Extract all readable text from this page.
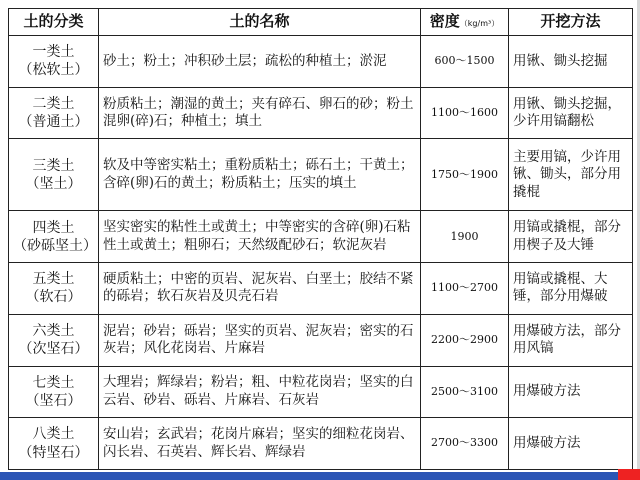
土的分类	土的名称	密度（kg/m³）	开挖方法

一类土
（松软土）	砂土；粉土；冲积砂土层；疏松的种植土；淤泥	600～1500	用锹、锄头挖掘

二类土
（普通土）	粉质粘土；潮湿的黄土；夹有碎石、卵石的砂；粉土混卵(碎)石；种植土；填土	1100～1600	用锹、锄头挖掘，少许用镐翻松

三类土
（坚土）	软及中等密实粘土；重粉质粘土；砾石土；干黄土；含碎(卵)石的黄土；粉质粘土；压实的填土	1750～1900	主要用镐，少许用锹、锄头，部分用撬棍

四类土
（砂砾坚土）	坚实密实的粘性土或黄土；中等密实的含碎(卵)石粘性土或黄土；粗卵石；天然级配砂石；软泥灰岩	1900	用镐或撬棍，部分用楔子及大锤

五类土
（软石）	硬质粘土；中密的页岩、泥灰岩、白垩土；胶结不紧的砾岩；软石灰岩及贝壳石岩	1100～2700	用镐或撬棍、大锤，部分用爆破

六类土
（次坚石）	泥岩；砂岩；砾岩；坚实的页岩、泥灰岩；密实的石灰岩；风化花岗岩、片麻岩	2200～2900	用爆破方法，部分用风镐

七类土
（坚石）	大理岩；辉绿岩；粉岩；粗、中粒花岗岩；坚实的白云岩、砂岩、砾岩、片麻岩、石灰岩	2500～3100	用爆破方法

八类土
（特坚石）	安山岩；玄武岩；花岗片麻岩；坚实的细粒花岗岩、闪长岩、石英岩、辉长岩、辉绿岩	2700～3300	用爆破方法
